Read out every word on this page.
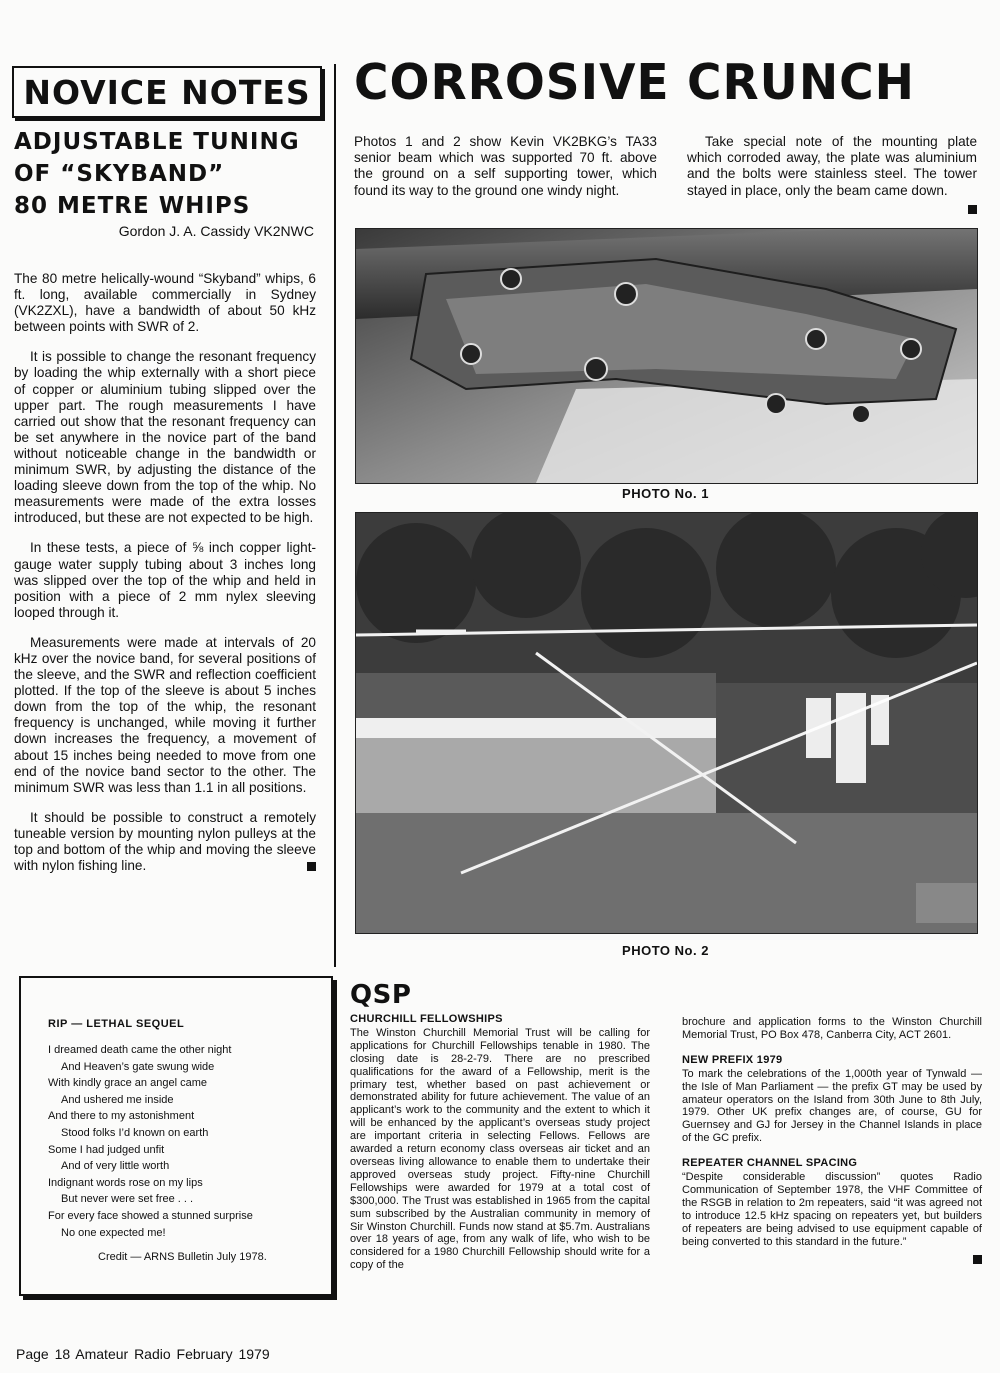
NOVICE NOTES CORROSIVE CRUNCH
ADJUSTABLE TUNING
OF “SKYBAND”
80 METRE WHIPS
Gordon J. A. Cassidy VK2NWC

The 80 metre helically-wound “Skyband” whips, 6 ft. long, available commercially in Sydney (VK2ZXL), have a bandwidth of about 50 kHz between points with SWR of 2.

It is possible to change the resonant frequency by loading the whip externally with a short piece of copper or aluminium tubing slipped over the upper part. The rough measurements I have carried out show that the resonant frequency can be set anywhere in the novice part of the band without noticeable change in the bandwidth or minimum SWR, by adjusting the distance of the loading sleeve down from the top of the whip. No measurements were made of the extra losses introduced, but these are not expected to be high.

In these tests, a piece of ⅝ inch copper light-gauge water supply tubing about 3 inches long was slipped over the top of the whip and held in position with a piece of 2 mm nylex sleeving looped through it.

Measurements were made at intervals of 20 kHz over the novice band, for several positions of the sleeve, and the SWR and reflection coefficient plotted. If the top of the sleeve is about 5 inches down from the top of the whip, the resonant frequency is unchanged, while moving it further down increases the frequency, a movement of about 15 inches being needed to move from one end of the novice band sector to the other. The minimum SWR was less than 1.1 in all positions.

It should be possible to construct a remotely tuneable version by mounting nylon pulleys at the top and bottom of the whip and moving the sleeve with nylon fishing line.

Photos 1 and 2 show Kevin VK2BKG’s TA33 senior beam which was supported 70 ft. above the ground on a self supporting tower, which found its way to the ground one windy night.
Take special note of the mounting plate which corroded away, the plate was aluminium and the bolts were stainless steel. The tower stayed in place, only the beam came down.
PHOTO No. 1
PHOTO No. 2
RIP — LETHAL SEQUEL
I dreamed death came the other night
And Heaven’s gate swung wide
With kindly grace an angel came
And ushered me inside
And there to my astonishment
Stood folks I’d known on earth
Some I had judged unfit
And of very little worth
Indignant words rose on my lips
But never were set free . . .
For every face showed a stunned surprise
No one expected me!
Credit — ARNS Bulletin July 1978.
QSP
CHURCHILL FELLOWSHIPS

The Winston Churchill Memorial Trust will be calling for applications for Churchill Fellowships tenable in 1980. The closing date is 28-2-79. There are no prescribed qualifications for the award of a Fellowship, merit is the primary test, whether based on past achievement or demonstrated ability for future achievement. The value of an applicant’s work to the community and the extent to which it will be enhanced by the applicant’s overseas study project are important criteria in selecting Fellows. Fellows are awarded a return economy class overseas air ticket and an overseas living allowance to enable them to undertake their approved overseas study project. Fifty-nine Churchill Fellowships were awarded for 1979 at a total cost of $300,000. The Trust was established in 1965 from the capital sum subscribed by the Australian community in memory of Sir Winston Churchill. Funds now stand at $5.7m. Australians over 18 years of age, from any walk of life, who wish to be considered for a 1980 Churchill Fellowship should write for a copy of the

brochure and application forms to the Winston Churchill Memorial Trust, PO Box 478, Canberra City, ACT 2601.

NEW PREFIX 1979

To mark the celebrations of the 1,000th year of Tynwald — the Isle of Man Parliament — the prefix GT may be used by amateur operators on the Island from 30th June to 8th July, 1979. Other UK prefix changes are, of course, GU for Guernsey and GJ for Jersey in the Channel Islands in place of the GC prefix.

REPEATER CHANNEL SPACING

“Despite considerable discussion” quotes Radio Communication of September 1978, the VHF Committee of the RSGB in relation to 2m repeaters, said “it was agreed not to introduce 12.5 kHz spacing on repeaters yet, but builders of repeaters are being advised to use equipment capable of being converted to this standard in the future.”

Page 18 Amateur Radio February 1979
